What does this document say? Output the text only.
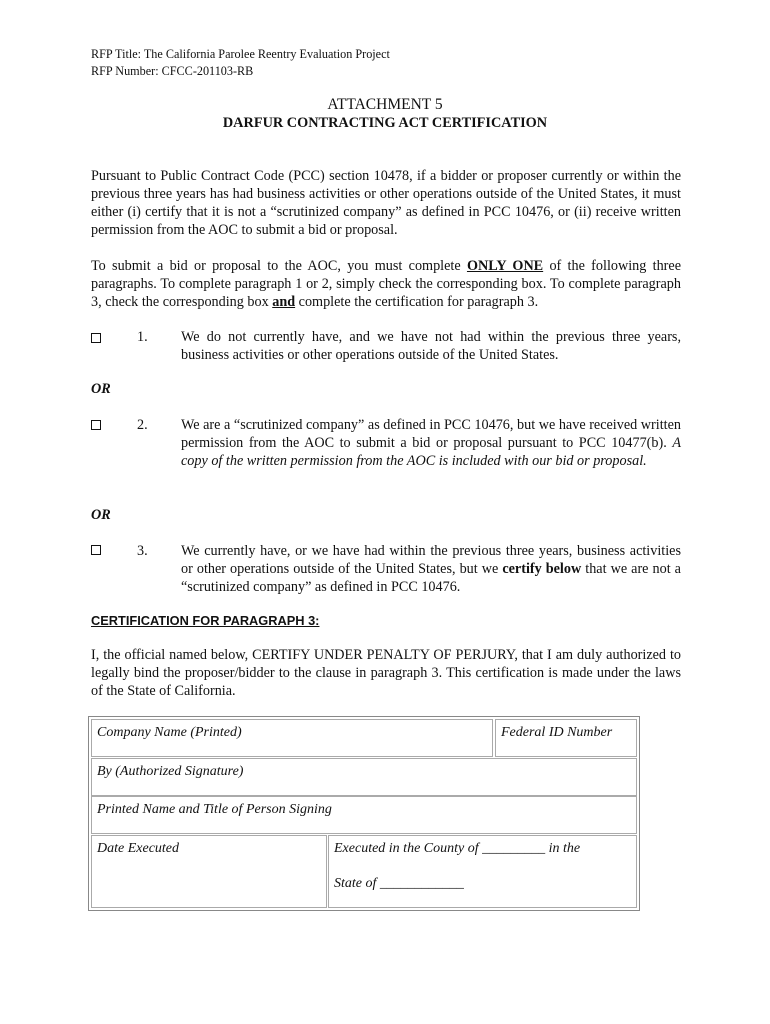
RFP Title: The California Parolee Reentry Evaluation Project
RFP Number: CFCC-201103-RB
ATTACHMENT 5
DARFUR CONTRACTING ACT CERTIFICATION
Pursuant to Public Contract Code (PCC) section 10478, if a bidder or proposer currently or within the previous three years has had business activities or other operations outside of the United States, it must either (i) certify that it is not a “scrutinized company” as defined in PCC 10476, or (ii) receive written permission from the AOC to submit a bid or proposal.
To submit a bid or proposal to the AOC, you must complete ONLY ONE of the following three paragraphs. To complete paragraph 1 or 2, simply check the corresponding box. To complete paragraph 3, check the corresponding box and complete the certification for paragraph 3.
1. We do not currently have, and we have not had within the previous three years, business activities or other operations outside of the United States.
OR
2. We are a “scrutinized company” as defined in PCC 10476, but we have received written permission from the AOC to submit a bid or proposal pursuant to PCC 10477(b). A copy of the written permission from the AOC is included with our bid or proposal.
OR
3. We currently have, or we have had within the previous three years, business activities or other operations outside of the United States, but we certify below that we are not a “scrutinized company” as defined in PCC 10476.
CERTIFICATION FOR PARAGRAPH 3:
I, the official named below, CERTIFY UNDER PENALTY OF PERJURY, that I am duly authorized to legally bind the proposer/bidder to the clause in paragraph 3. This certification is made under the laws of the State of California.
Company Name (Printed)	Federal ID Number
By (Authorized Signature)
Printed Name and Title of Person Signing
Date Executed	Executed in the County of _________ in the
State of ____________
